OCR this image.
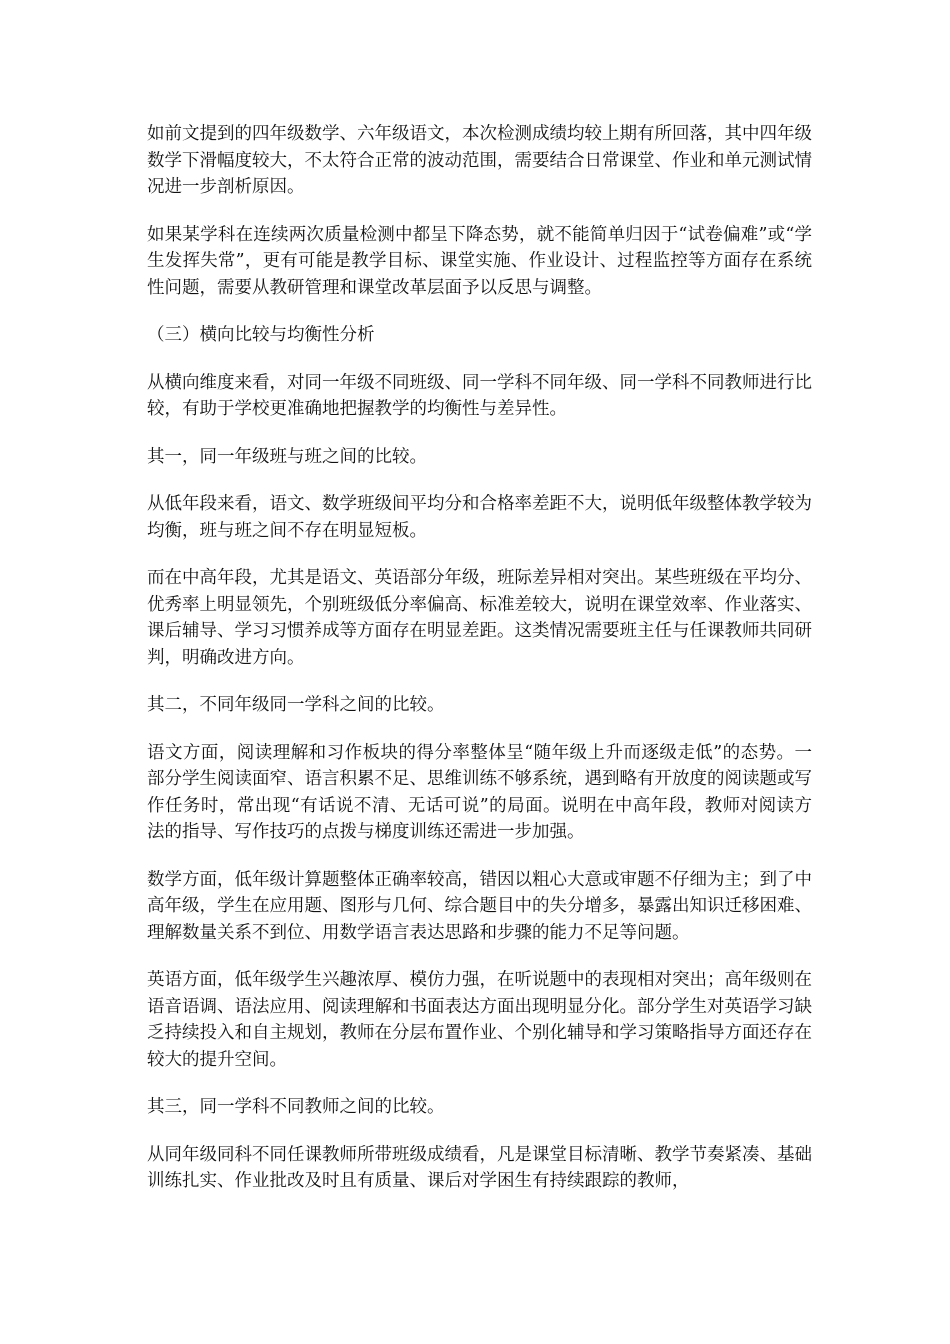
如前文提到的四年级数学、六年级语文，本次检测成绩均较上期有所回落，其中四年级数学下滑幅度较大，不太符合正常的波动范围，需要结合日常课堂、作业和单元测试情况进一步剖析原因。

如果某学科在连续两次质量检测中都呈下降态势，就不能简单归因于“试卷偏难”或“学生发挥失常”，更有可能是教学目标、课堂实施、作业设计、过程监控等方面存在系统性问题，需要从教研管理和课堂改革层面予以反思与调整。

（三）横向比较与均衡性分析

从横向维度来看，对同一年级不同班级、同一学科不同年级、同一学科不同教师进行比较，有助于学校更准确地把握教学的均衡性与差异性。

其一，同一年级班与班之间的比较。

从低年段来看，语文、数学班级间平均分和合格率差距不大，说明低年级整体教学较为均衡，班与班之间不存在明显短板。

而在中高年段，尤其是语文、英语部分年级，班际差异相对突出。某些班级在平均分、优秀率上明显领先，个别班级低分率偏高、标准差较大，说明在课堂效率、作业落实、课后辅导、学习习惯养成等方面存在明显差距。这类情况需要班主任与任课教师共同研判，明确改进方向。

其二，不同年级同一学科之间的比较。

语文方面，阅读理解和习作板块的得分率整体呈“随年级上升而逐级走低”的态势。一部分学生阅读面窄、语言积累不足、思维训练不够系统，遇到略有开放度的阅读题或写作任务时，常出现“有话说不清、无话可说”的局面。说明在中高年段，教师对阅读方法的指导、写作技巧的点拨与梯度训练还需进一步加强。

数学方面，低年级计算题整体正确率较高，错因以粗心大意或审题不仔细为主；到了中高年级，学生在应用题、图形与几何、综合题目中的失分增多，暴露出知识迁移困难、理解数量关系不到位、用数学语言表达思路和步骤的能力不足等问题。

英语方面，低年级学生兴趣浓厚、模仿力强，在听说题中的表现相对突出；高年级则在语音语调、语法应用、阅读理解和书面表达方面出现明显分化。部分学生对英语学习缺乏持续投入和自主规划，教师在分层布置作业、个别化辅导和学习策略指导方面还存在较大的提升空间。

其三，同一学科不同教师之间的比较。

从同年级同科不同任课教师所带班级成绩看，凡是课堂目标清晰、教学节奏紧凑、基础训练扎实、作业批改及时且有质量、课后对学困生有持续跟踪的教师，
